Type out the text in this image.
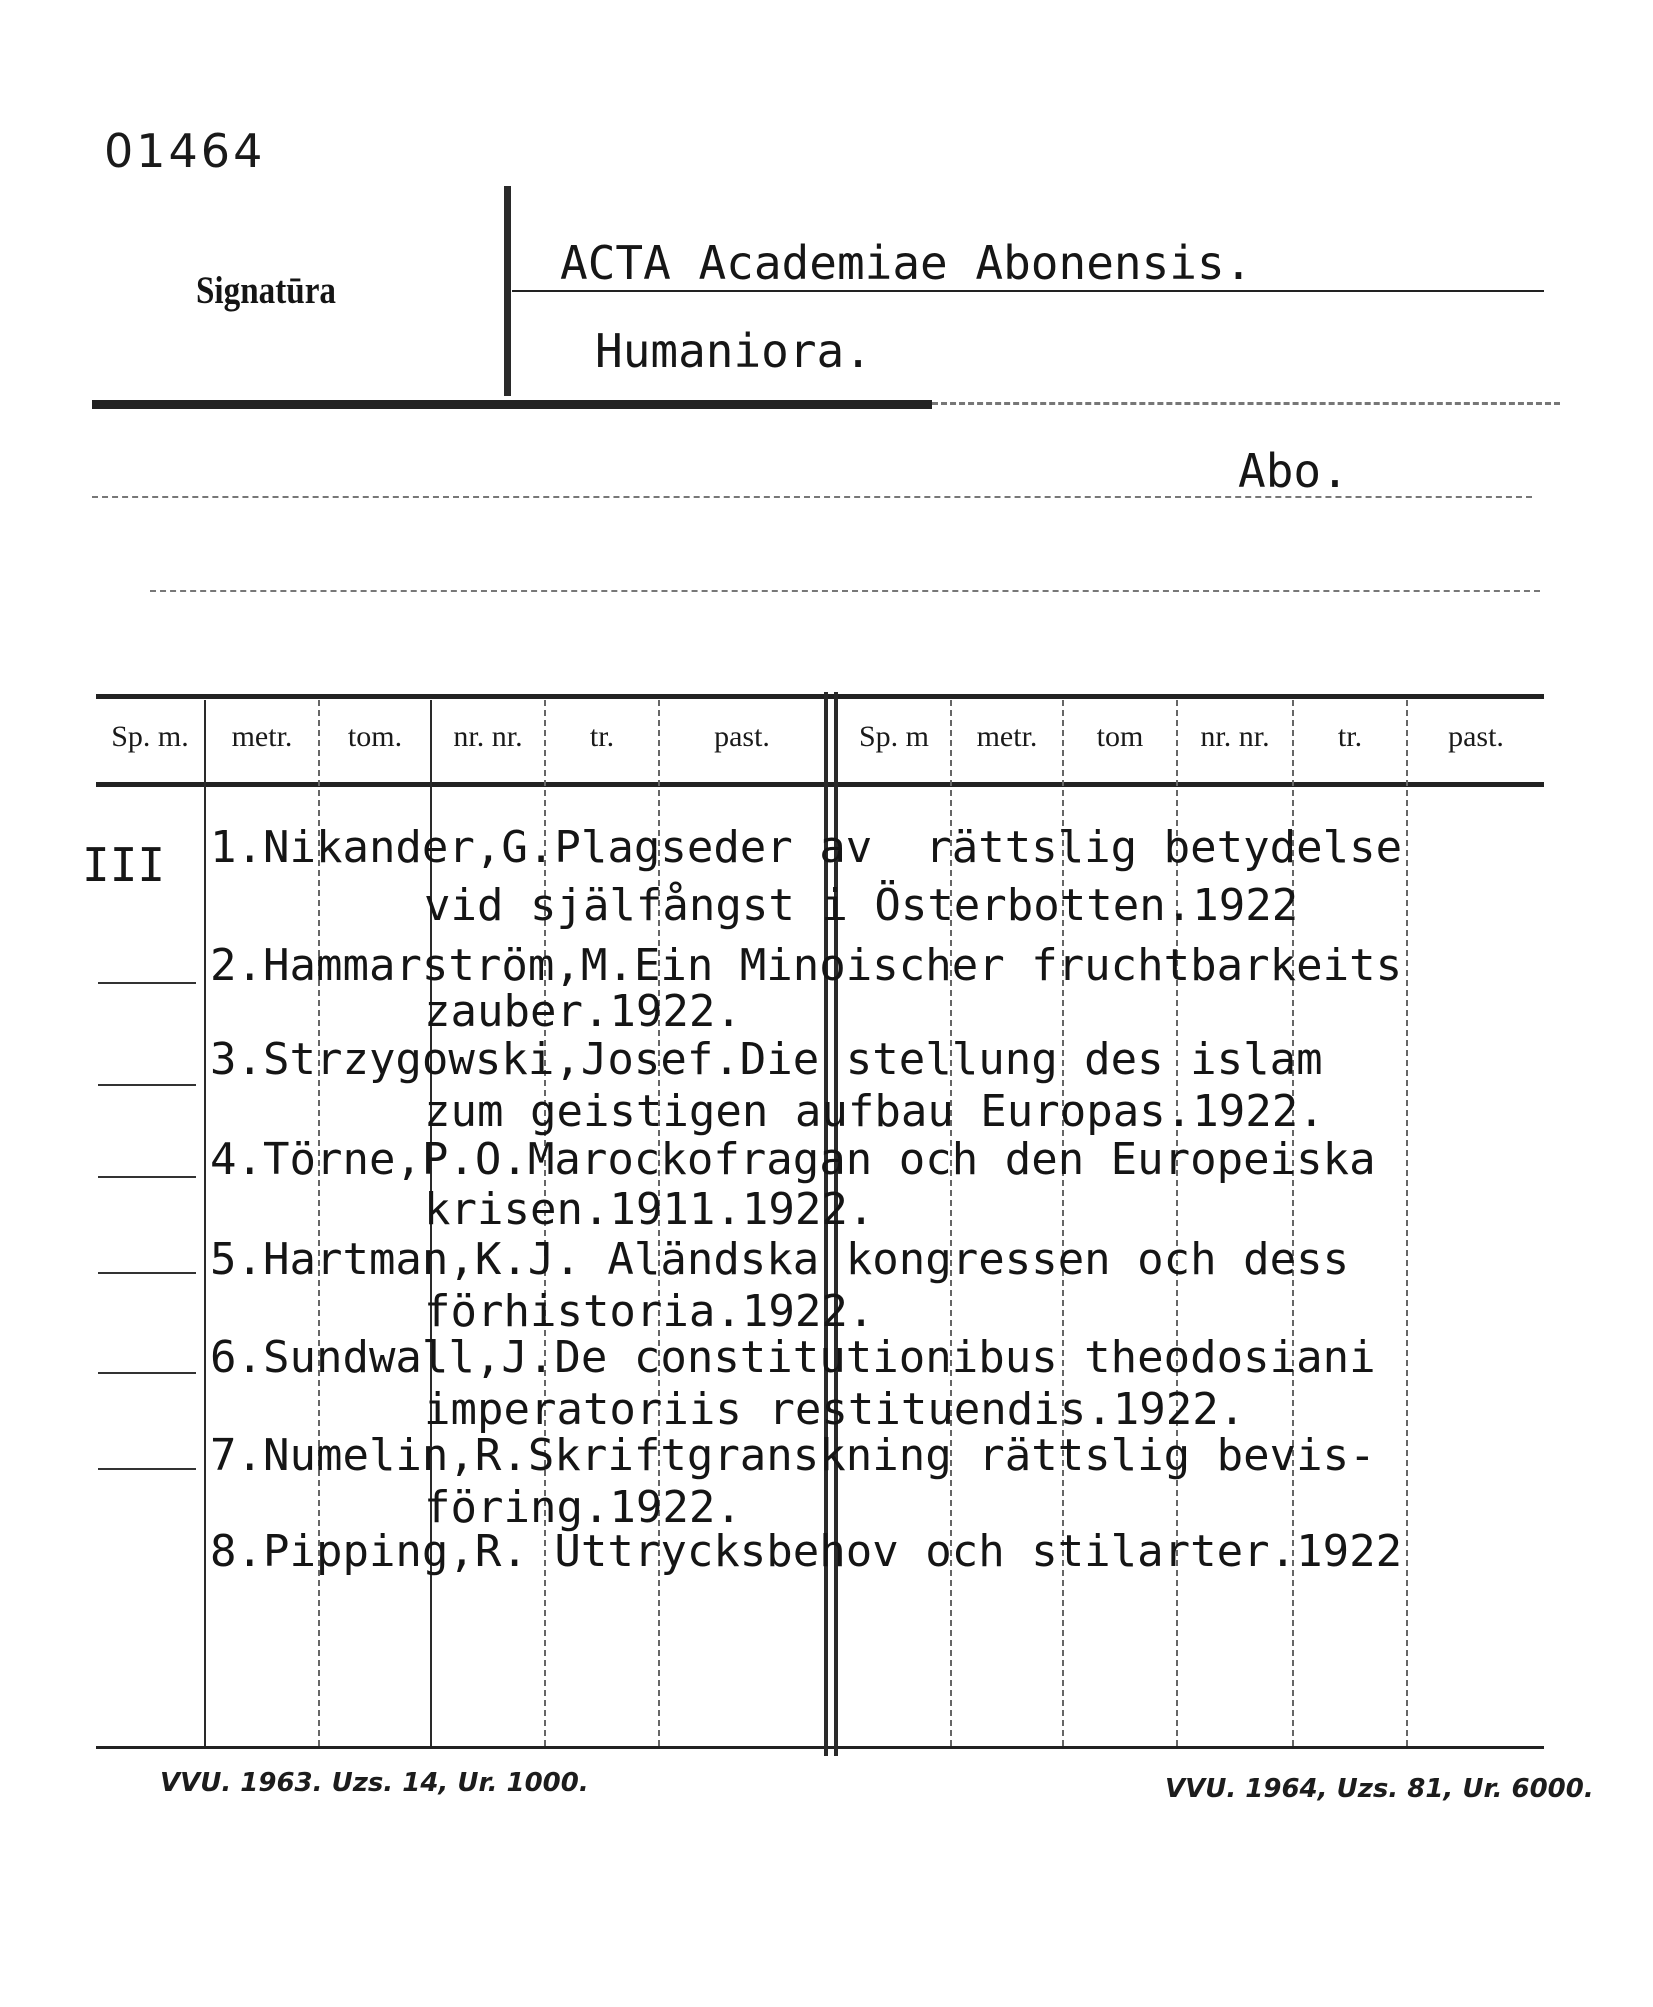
01464
Signatūra
ACTA Academiae Abonensis.
Humaniora.
Abo.
Sp. m.	metr.	tom.	nr. nr.	tr.	past.	Sp. m	metr.	tom	nr. nr.	tr.	past.
III 1.Nikander,G.Plagseder av  rättslig betydelse
vid själfångst i Österbotten.1922
2.Hammarström,M.Ein Minoischer fruchtbarkeits
zauber.1922.
3.Strzygowski,Josef.Die stellung des islam
zum geistigen aufbau Europas.1922.
4.Törne,P.O.Marockofragan och den Europeiska
krisen.1911.1922.
5.Hartman,K.J. Aländska kongressen och dess
förhistoria.1922.
6.Sundwall,J.De constitutionibus theodosiani
imperatoriis restituendis.1922.
7.Numelin,R.Skriftgranskning rättslig bevis-
föring.1922.
8.Pipping,R. Uttrycksbehov och stilarter.1922
VVU. 1963. Uzs. 14, Ur. 1000.	VVU. 1964, Uzs. 81, Ur. 6000.
